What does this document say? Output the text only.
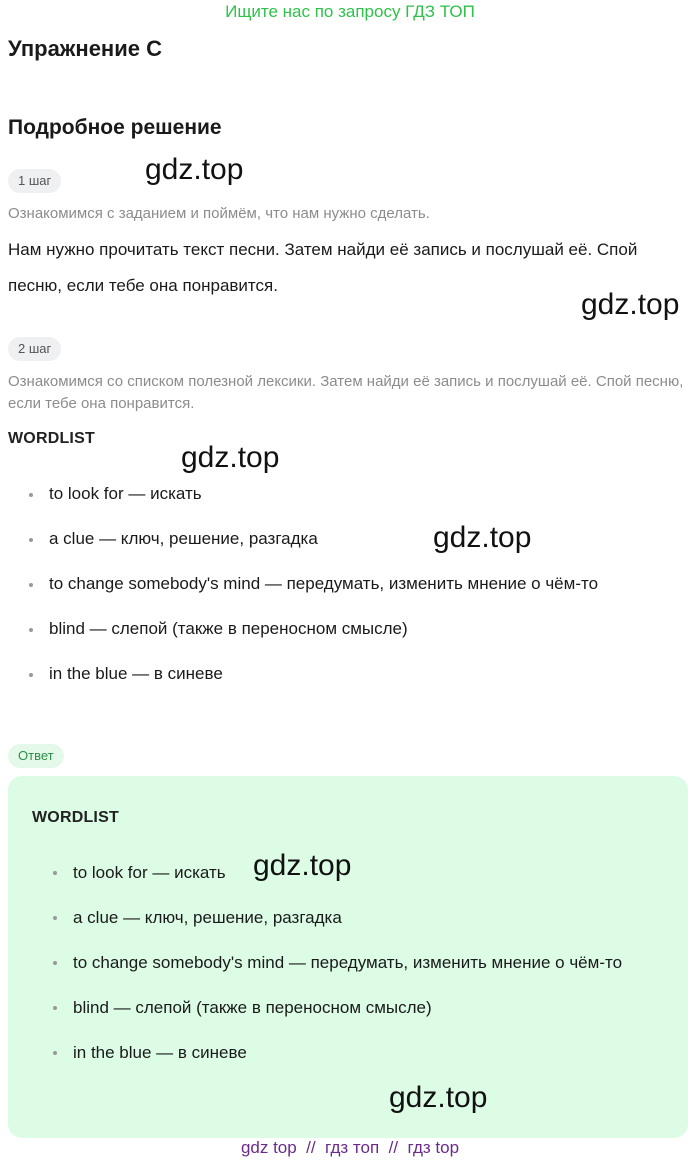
Ищите нас по запросу ГДЗ ТОП
Упражнение C
Подробное решение
1 шаг

Ознакомимся с заданием и поймём, что нам нужно сделать.

Нам нужно прочитать текст песни. Затем найди её запись и послушай её. Спой песню, если тебе она понравится.

2 шаг

Ознакомимся со списком полезной лексики. Затем найди её запись и послушай её. Спой песню, если тебе она понравится.

WORDLIST
to look for — искать
a clue — ключ, решение, разгадка
to change somebody's mind — передумать, изменить мнение о чём-то
blind — слепой (также в переносном смысле)
in the blue — в синеве
Ответ
WORDLIST
to look for — искать
a clue — ключ, решение, разгадка
to change somebody's mind — передумать, изменить мнение о чём-то
blind — слепой (также в переносном смысле)
in the blue — в синеве
gdz.top
gdz.top
gdz.top
gdz.top
gdz.top
gdz.top
gdz top  //  гдз топ  //  гдз top
